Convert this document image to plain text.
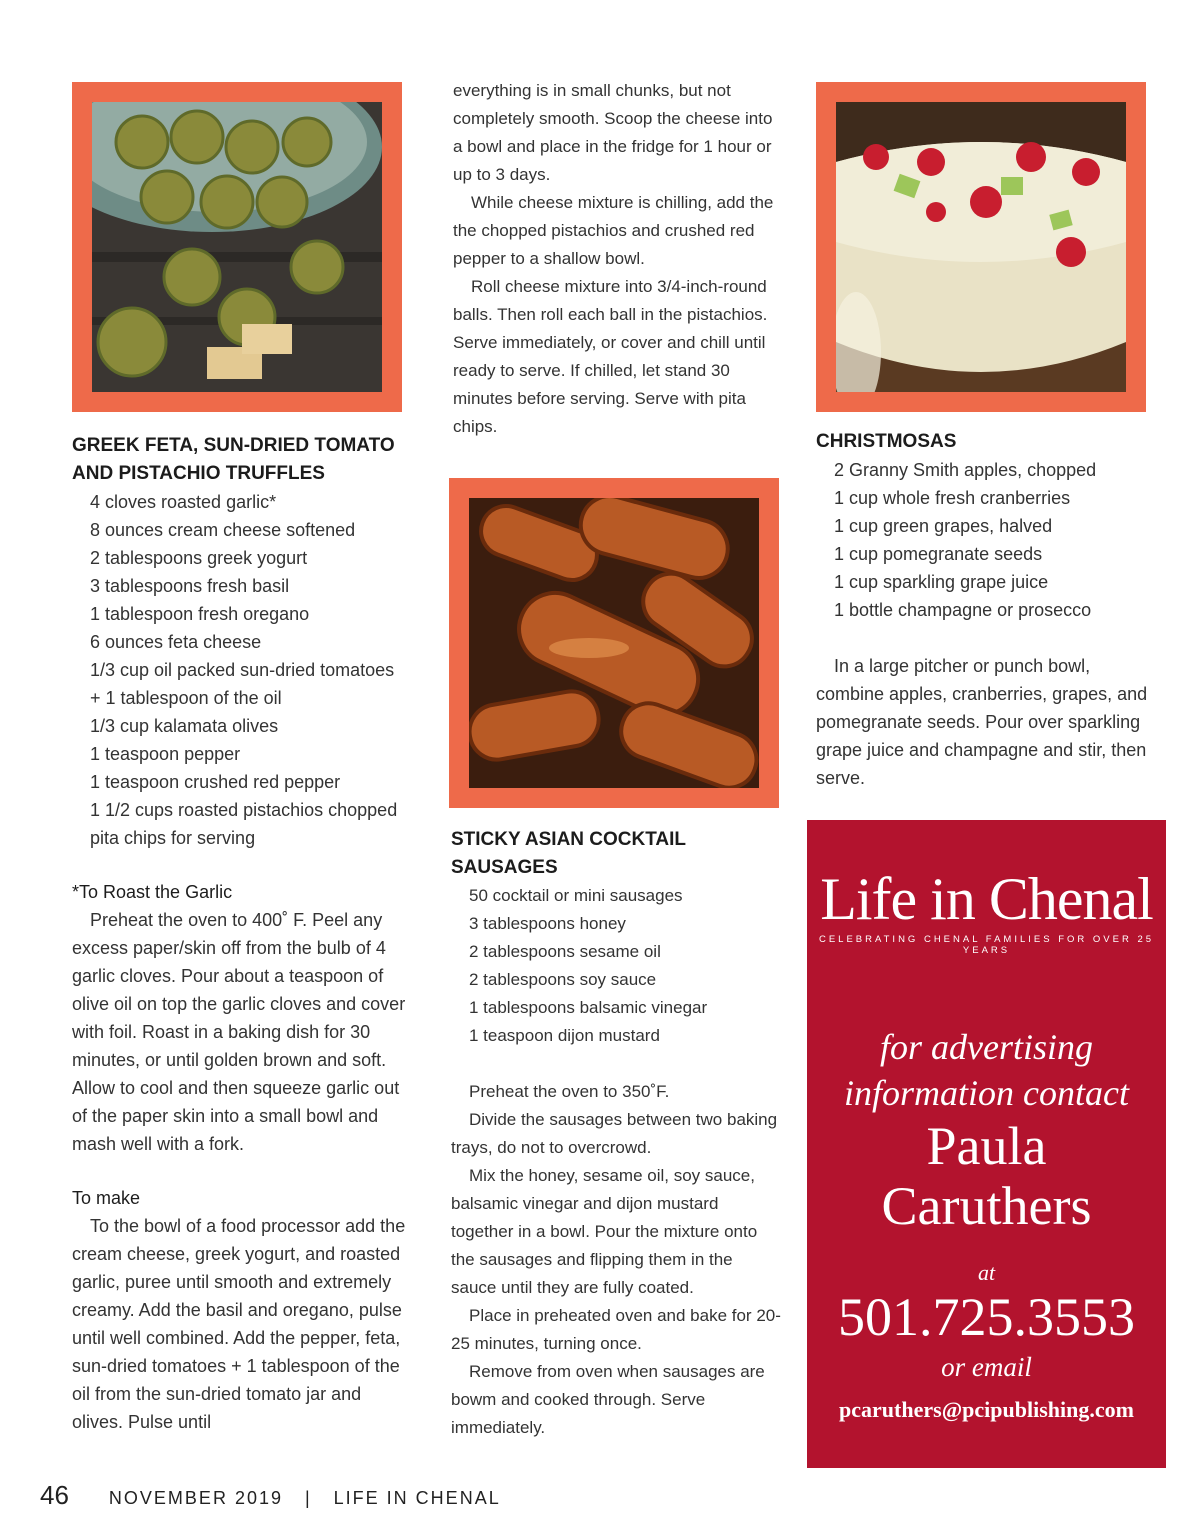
GREEK FETA, SUN-DRIED TOMATO

AND PISTACHIO TRUFFLES

4 cloves roasted garlic*
8 ounces cream cheese softened
2 tablespoons greek yogurt
3 tablespoons fresh basil
1 tablespoon fresh oregano
6 ounces feta cheese
1/3 cup oil packed sun-dried tomatoes
+ 1 tablespoon of the oil
1/3 cup kalamata olives
1 teaspoon pepper
1 teaspoon crushed red pepper
1 1/2 cups roasted pistachios chopped
pita chips for serving

*To Roast the Garlic

Preheat the oven to 400˚ F. Peel any excess paper/skin off from the bulb of 4 garlic cloves. Pour about a teaspoon of olive oil on top the garlic cloves and cover with foil. Roast in a baking dish for 30 minutes, or until golden brown and soft. Allow to cool and then squeeze garlic out of the paper skin into a small bowl and mash well with a fork.

To make

To the bowl of a food processor add the cream cheese, greek yogurt, and roasted garlic, puree until smooth and extremely creamy. Add the basil and oregano, pulse until well combined. Add the pepper, feta, sun-dried tomatoes + 1 tablespoon of the oil from the sun-dried tomato jar and olives. Pulse until

everything is in small chunks, but not completely smooth. Scoop the cheese into a bowl and place in the fridge for 1 hour or up to 3 days.

While cheese mixture is chilling, add the the chopped pistachios and crushed red pepper to a shallow bowl.

Roll cheese mixture into 3/4-inch-round balls. Then roll each ball in the pistachios. Serve immediately, or cover and chill until ready to serve. If chilled, let stand 30 minutes before serving. Serve with pita chips.

STICKY ASIAN COCKTAIL

SAUSAGES

50 cocktail or mini sausages
3 tablespoons honey
2 tablespoons sesame oil
2 tablespoons soy sauce
1 tablespoons balsamic vinegar
1 teaspoon dijon mustard

Preheat the oven to 350˚F.

Divide the sausages between two baking trays, do not to overcrowd.

Mix the honey, sesame oil, soy sauce, balsamic vinegar and dijon mustard together in a bowl. Pour the mixture onto the sausages and flipping them in the sauce until they are fully coated.

Place in preheated oven and bake for 20-25 minutes, turning once.

Remove from oven when sausages are bowm and cooked through. Serve immediately.

CHRISTMOSAS

2 Granny Smith apples, chopped
1 cup whole fresh cranberries
1 cup green grapes, halved
1 cup pomegranate seeds
1 cup sparkling grape juice
1 bottle champagne or prosecco

In a large pitcher or punch bowl, combine apples, cranberries, grapes, and pomegranate seeds. Pour over sparkling grape juice and champagne and stir, then serve.

Life in Chenal
CELEBRATING CHENAL FAMILIES FOR OVER 25 YEARS
for advertising
information contact
Paula
Caruthers
at
501.725.3553
or email
pcaruthers@pcipublishing.com
46 NOVEMBER 2019 | LIFE IN CHENAL
